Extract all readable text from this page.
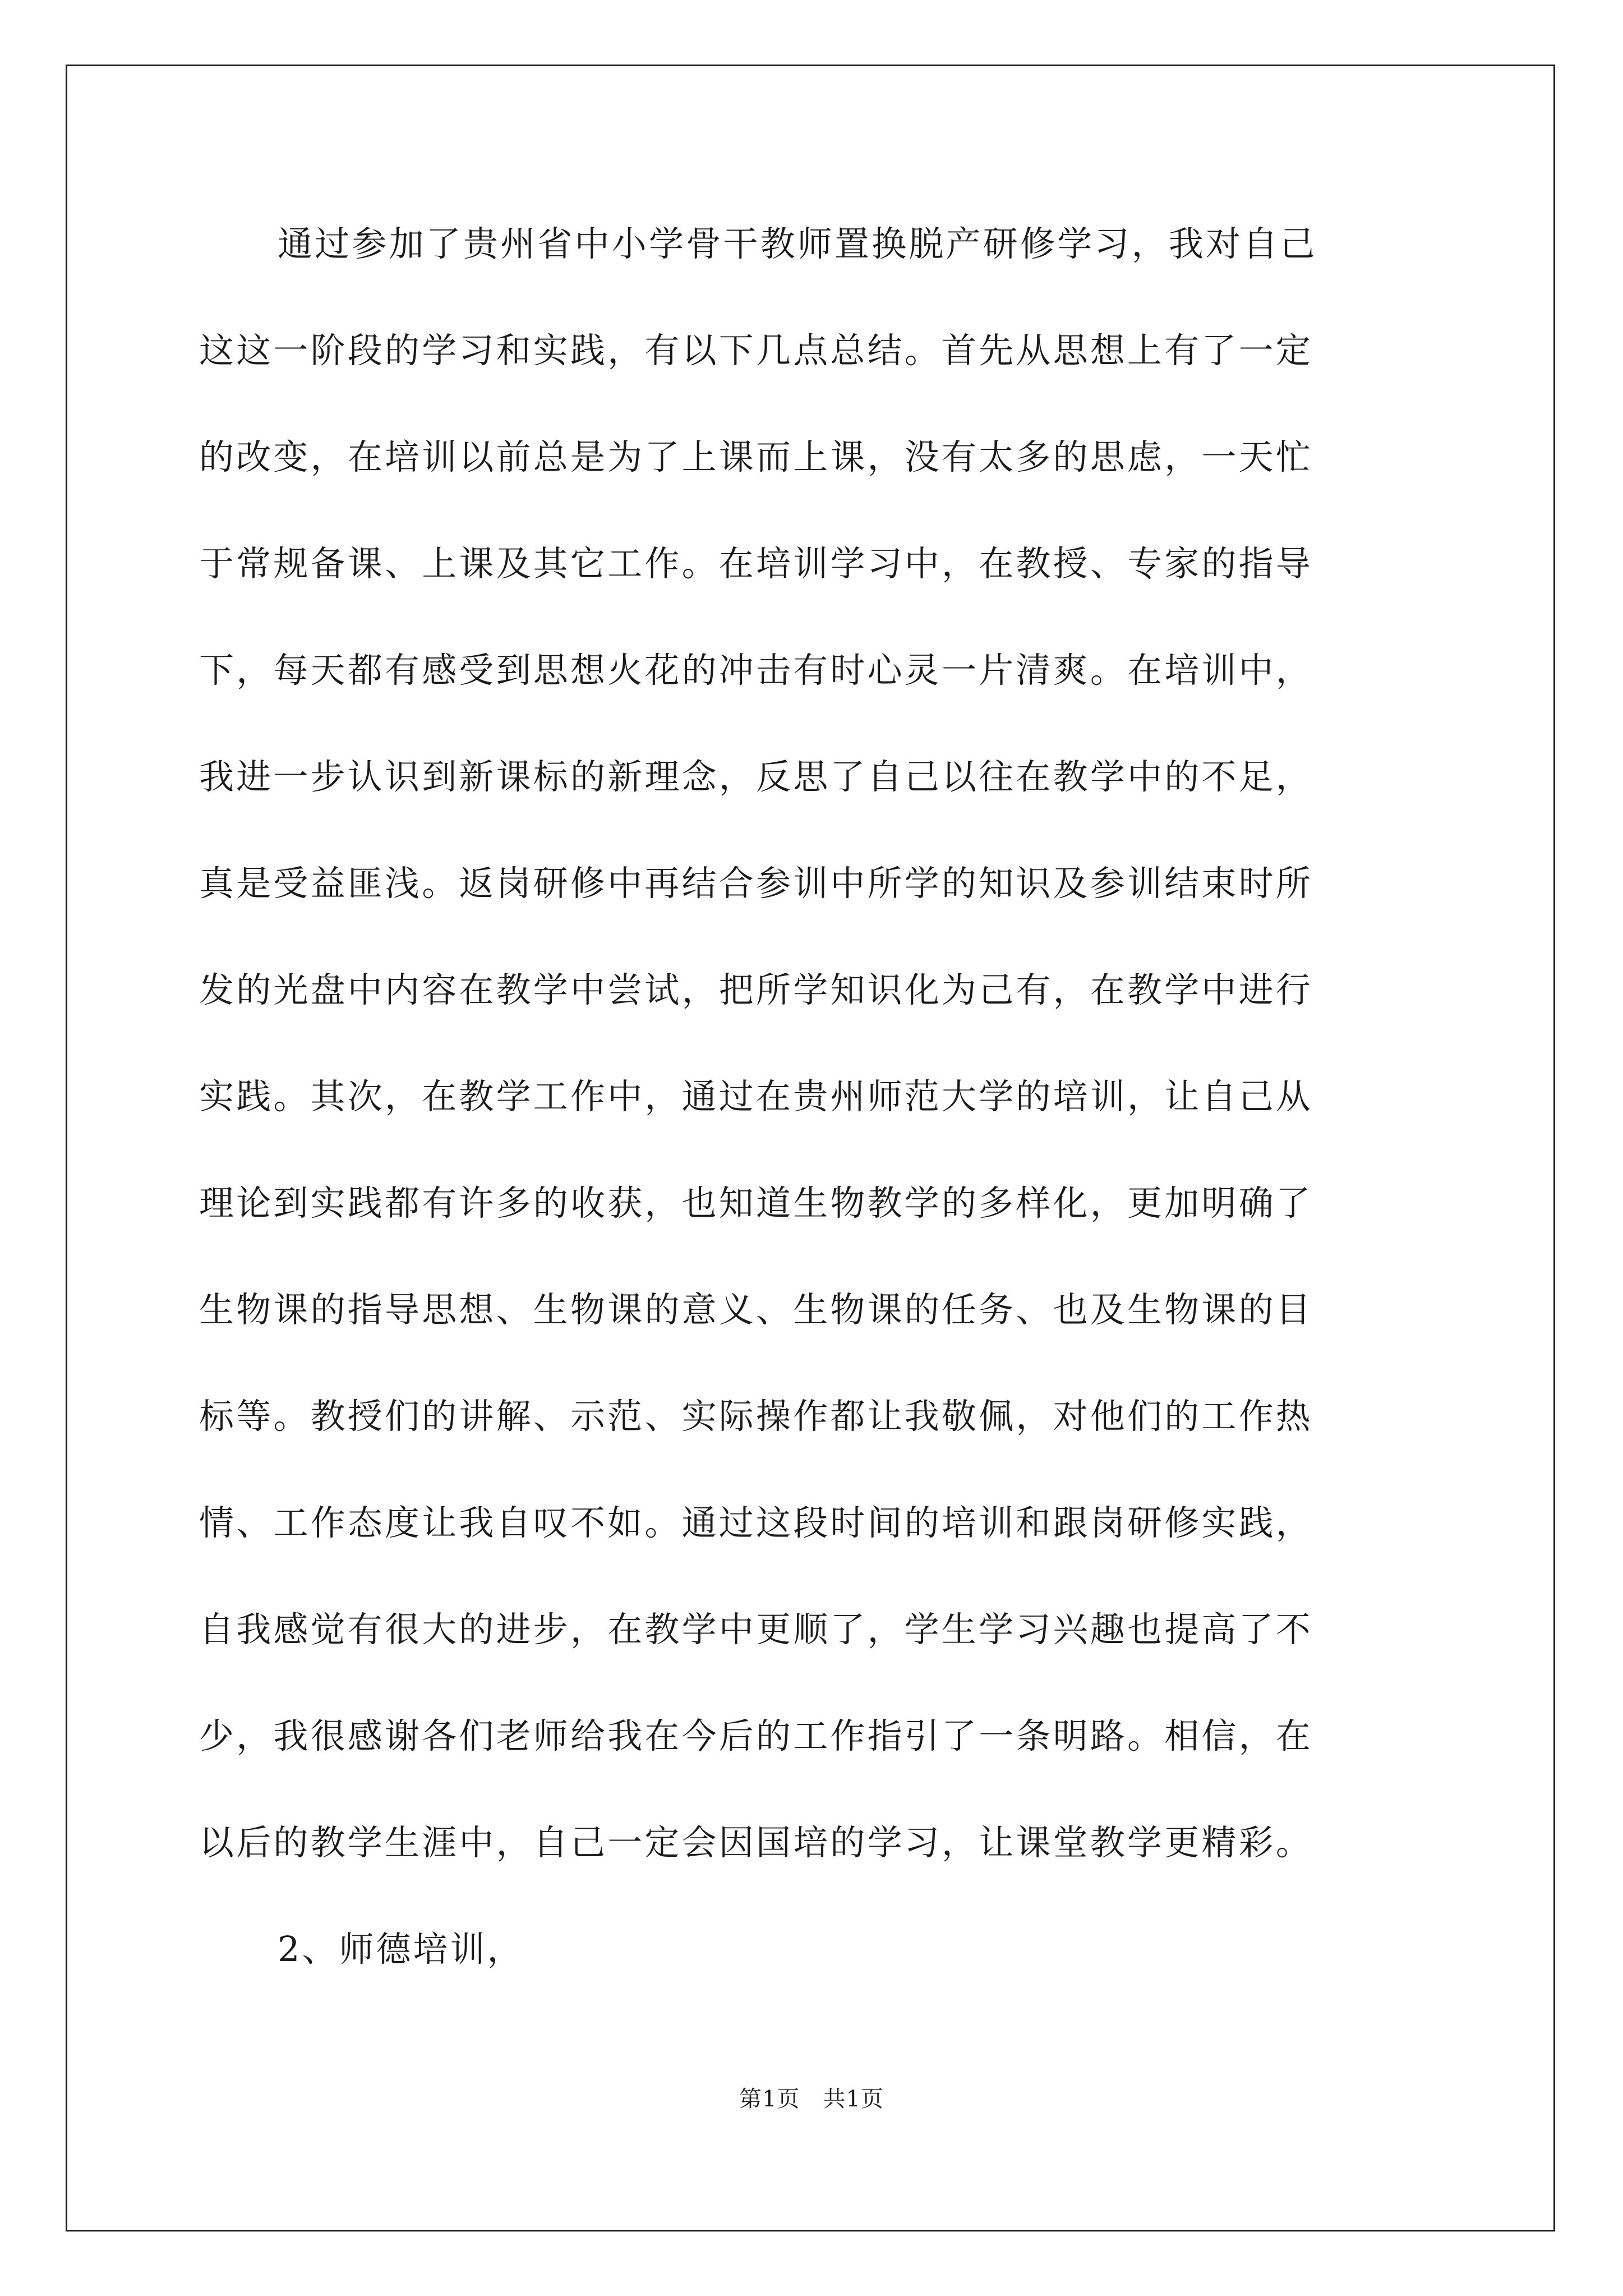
通过参加了贵州省中小学骨干教师置换脱产研修学习，我对自己
这这一阶段的学习和实践，有以下几点总结。首先从思想上有了一定
的改变，在培训以前总是为了上课而上课，没有太多的思虑，一天忙
于常规备课、上课及其它工作。在培训学习中，在教授、专家的指导
下，每天都有感受到思想火花的冲击有时心灵一片清爽。在培训中，
我进一步认识到新课标的新理念，反思了自己以往在教学中的不足，
真是受益匪浅。返岗研修中再结合参训中所学的知识及参训结束时所
发的光盘中内容在教学中尝试，把所学知识化为己有，在教学中进行
实践。其次，在教学工作中，通过在贵州师范大学的培训，让自己从
理论到实践都有许多的收获，也知道生物教学的多样化，更加明确了
生物课的指导思想、生物课的意义、生物课的任务、也及生物课的目
标等。教授们的讲解、示范、实际操作都让我敬佩，对他们的工作热
情、工作态度让我自叹不如。通过这段时间的培训和跟岗研修实践，
自我感觉有很大的进步，在教学中更顺了，学生学习兴趣也提高了不
少，我很感谢各们老师给我在今后的工作指引了一条明路。相信，在
以后的教学生涯中，自己一定会因国培的学习，让课堂教学更精彩。
2、师德培训，
第1页　共1页
